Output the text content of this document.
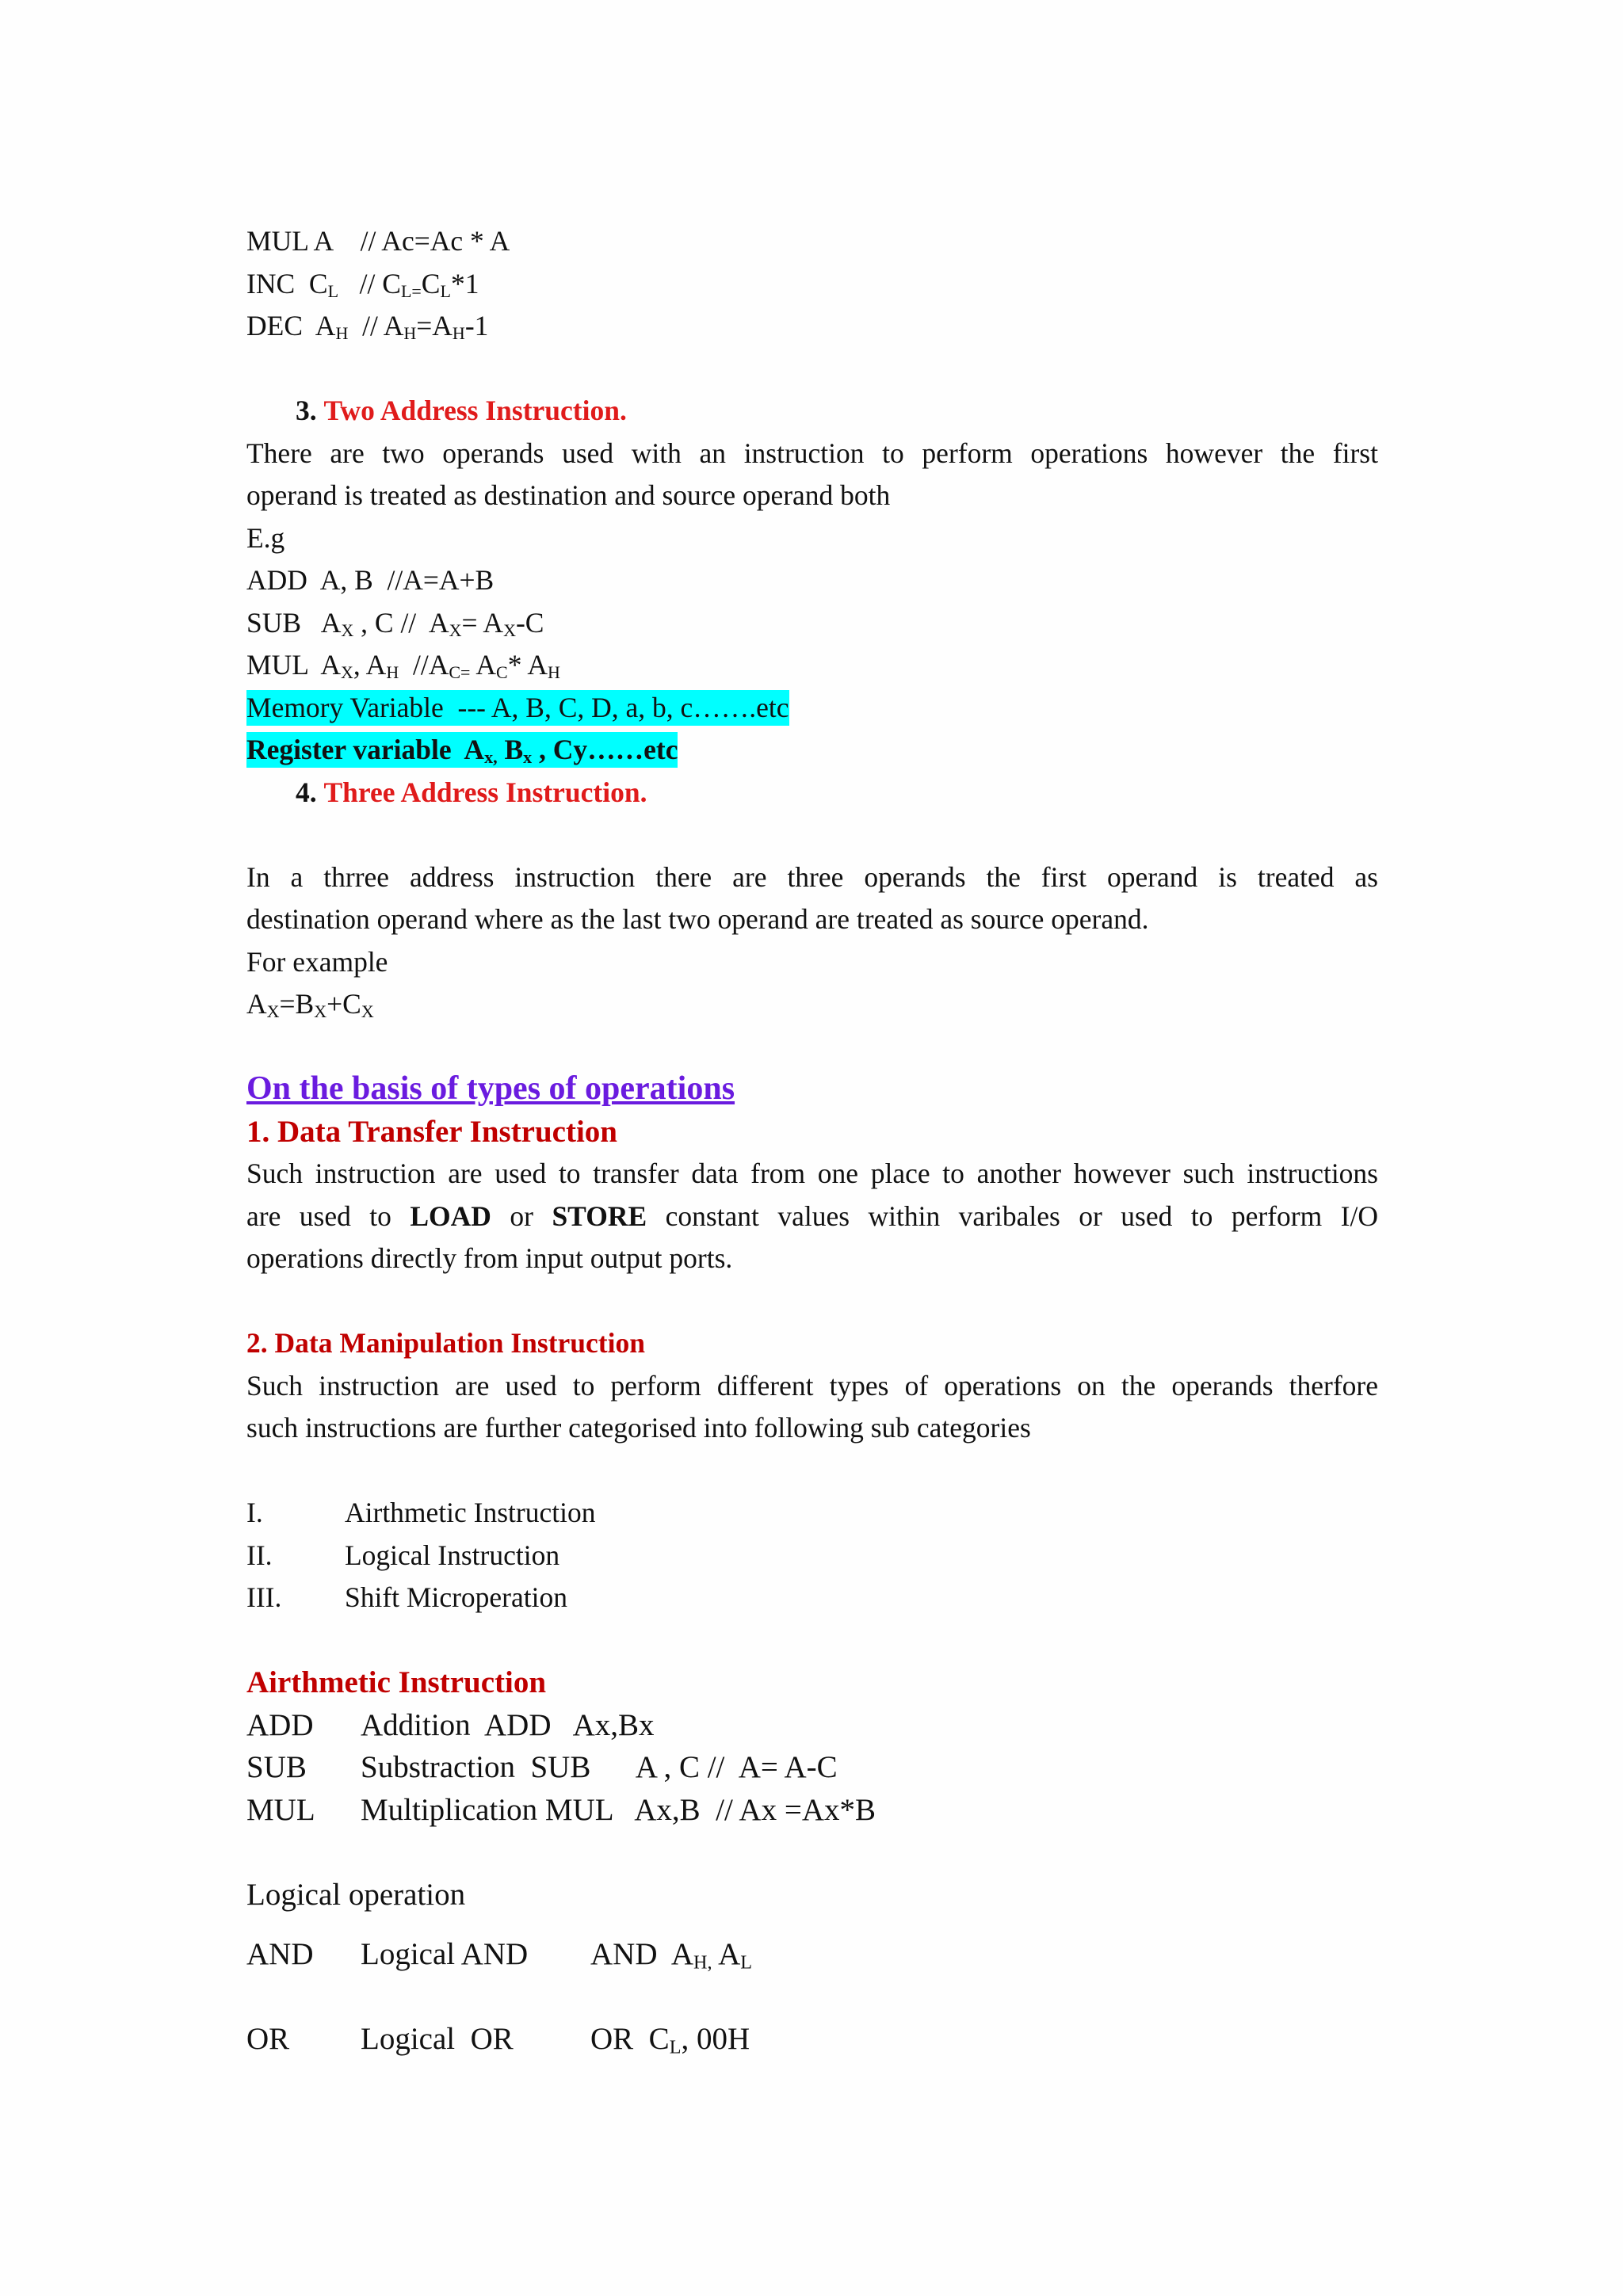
MUL A    // Ac=Ac * A
INC  $C_L // C_{L=}C_L*1$
DEC  $A_H // A_H=A_H-1$
3. Two Address Instruction.
There are two operands used with an instruction to perform operations however the first
operand is treated as destination and source operand both
E.g
ADD  A, B  //A=A+B
SUB   $A_X$ , $C // A_X= A_X-C$
MUL  $A_X$, $A_H$  $//A_{C=}$ $A_C*$ $A_H$
Memory Variable  --- A, B, C, D, a, b, c…….etc
Register variable  $A_{x,}$ $B_x$ , Cy……etc
4. Three Address Instruction.
In a thrree address instruction there are three operands the first operand is treated as
destination operand where as the last two operand are treated as source operand.
For example
$A_X=B_X+C_X$
On the basis of types of operations
1. Data Transfer Instruction
Such instruction are used to transfer data from one place to another however such instructions
are used to LOAD or STORE constant values within varibales or used to perform I/O
operations directly from input output ports.
2. Data Manipulation Instruction
Such instruction are used to perform different types of operations on the operands therfore
such instructions are further categorised into following sub categories
I.	Airthmetic Instruction
II.	Logical Instruction
III. Shift Microperation
Airthmetic Instruction
ADD Addition  ADD   Ax,Bx
SUB Substraction  SUB      A , C //  A= A-C
MUL Multiplication MUL   Ax,B  // Ax =Ax*B
Logical operation
AND Logical AND AND  $A_{H,}$ $A_L$
OR Logical  OR OR  $C_L$, 00H
